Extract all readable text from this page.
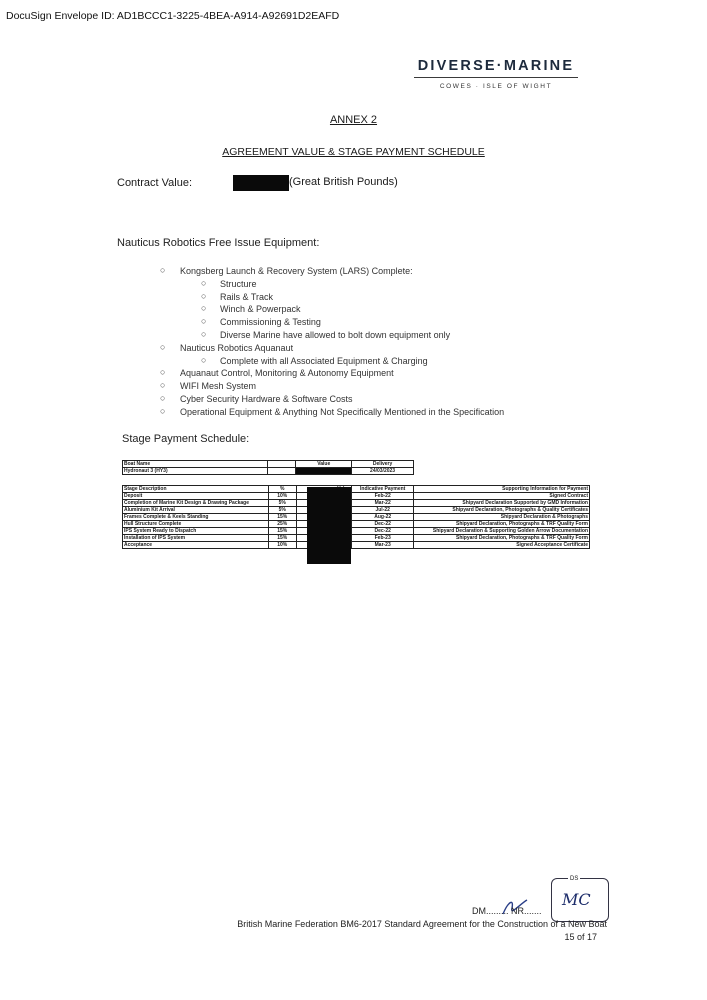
DocuSign Envelope ID: AD1BCCC1-3225-4BEA-A914-A92691D2EAFD
DIVERSE·MARINE
COWES · ISLE OF WIGHT
ANNEX 2
AGREEMENT VALUE & STAGE PAYMENT SCHEDULE
Contract Value:	(Great British Pounds)
Nauticus Robotics Free Issue Equipment:
○ Kongsberg Launch & Recovery System (LARS) Complete:
○ Structure
○ Rails & Track
○ Winch & Powerpack
○ Commissioning & Testing
○ Diverse Marine have allowed to bolt down equipment only
○ Nauticus Robotics Aquanaut
○ Complete with all Associated Equipment & Charging
○ Aquanaut Control, Monitoring & Autonomy Equipment
○ WIFI Mesh System
○ Cyber Security Hardware & Software Costs
○ Operational Equipment & Anything Not Specifically Mentioned in the Specification
Stage Payment Schedule:
Boat Name		Value	Delivery
Hydronaut 3 (HY3)			24/03/2023
Stage Description	%		Indicative Payment	Supporting Information for Payment
Deposit	10%		Feb-22	Signed Contract
Completion of Marine Kit Design & Drawing Package	5%		Mar-22	Shipyard Declaration Supported by GMD Information
Aluminium Kit Arrival	5%		Jul-22	Shipyard Declaration, Photographs & Quality Certificates
Frames Complete & Keels Standing	15%		Aug-22	Shipyard Declaration & Photographs
Hull Structure Complete	25%		Dec-22	Shipyard Declaration, Photographs & TRF Quality Form
IPS System Ready to Dispatch	15%		Dec-22	Shipyard Declaration & Supporting Golden Arrow Documentation
Installation of IPS System	15%		Feb-23	Shipyard Declaration, Photographs & TRF Quality Form
Acceptance	10%		Mar-23	Signed Acceptance Certificate
DS
MC
DM......... NR.......
British Marine Federation BM6-2017 Standard Agreement for the Construction of a New Boat
15 of 17
